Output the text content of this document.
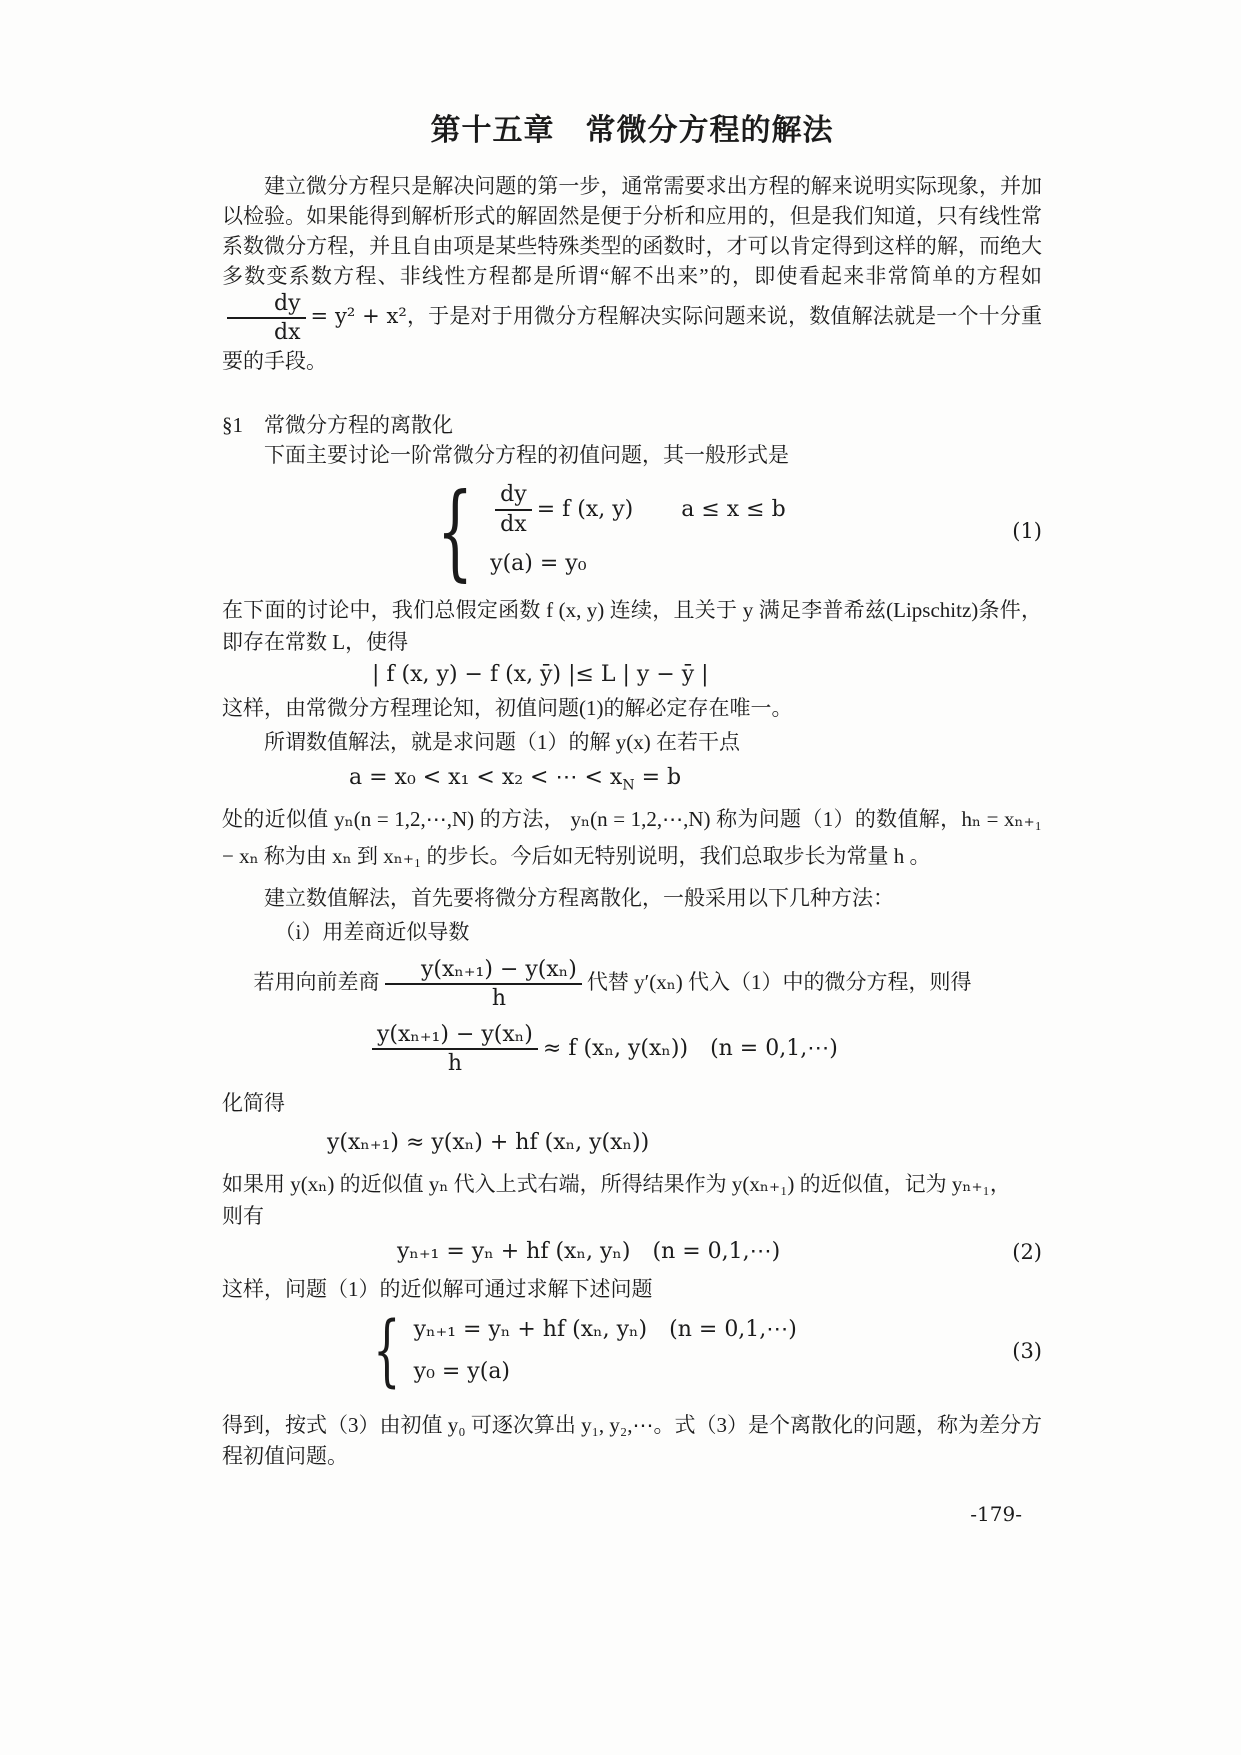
第十五章　常微分方程的解法

建立微分方程只是解决问题的第一步，通常需要求出方程的解来说明实际现象，并加以检验。如果能得到解析形式的解固然是便于分析和应用的，但是我们知道，只有线性常系数微分方程，并且自由项是某些特殊类型的函数时，才可以肯定得到这样的解，而绝大多数变系数方程、非线性方程都是所谓“解不出来”的，即使看起来非常简单的方程如
$\frac{dy}{dx} = y^2 + x^2$，于是对于用微分方程解决实际问题来说，数值解法就是一个十分重要的手段。

§1　常微分方程的离散化

下面主要讨论一阶常微分方程的初值问题，其一般形式是

{ $\frac{dy}{dx} = f$ (x, y) a ≤ x ≤ b
y(a) = y₀
(1)

在下面的讨论中，我们总假定函数 f (x, y) 连续，且关于 y 满足李普希兹(Lipschitz)条件，即存在常数 L，使得

| f (x, y) − f (x, ȳ) |≤ L | y − ȳ |

这样，由常微分方程理论知，初值问题(1)的解必定存在唯一。

所谓数值解法，就是求问题（1）的解 y(x) 在若干点

a = x₀ < x₁ < x₂ < ⋯ < $x_N = b$

处的近似值 yₙ(n = 1,2,⋯,N) 的方法， yₙ(n = 1,2,⋯,N) 称为问题（1）的数值解，hₙ = xₙ₊₁ − xₙ 称为由 xₙ 到 xₙ₊₁ 的步长。今后如无特别说明，我们总取步长为常量 h 。

建立数值解法，首先要将微分方程离散化，一般采用以下几种方法：

（i）用差商近似导数

若用向前差商 $\frac{\text{y(xₙ₊₁) − y(xₙ)}}{h}$ 代替 y′(xₙ) 代入（1）中的微分方程，则得

$\frac{\text{y(xₙ₊₁) − y(xₙ)}}{h} \approx f$ (xₙ, y(xₙ)) (n = 0,1,⋯)

化简得

y(xₙ₊₁) ≈ y(xₙ) + hf (xₙ, y(xₙ))

如果用 y(xₙ) 的近似值 yₙ 代入上式右端，所得结果作为 y(xₙ₊₁) 的近似值，记为 yₙ₊₁，

则有

yₙ₊₁ = yₙ + hf (xₙ, yₙ) (n = 0,1,⋯)	(2)

这样，问题（1）的近似解可通过求解下述问题

{ yₙ₊₁ = yₙ + hf (xₙ, yₙ) (n = 0,1,⋯)
y₀ = y(a)
(3)

得到，按式（3）由初值 y₀ 可逐次算出 y₁, y₂,⋯。式（3）是个离散化的问题，称为差分方程初值问题。

-179-
